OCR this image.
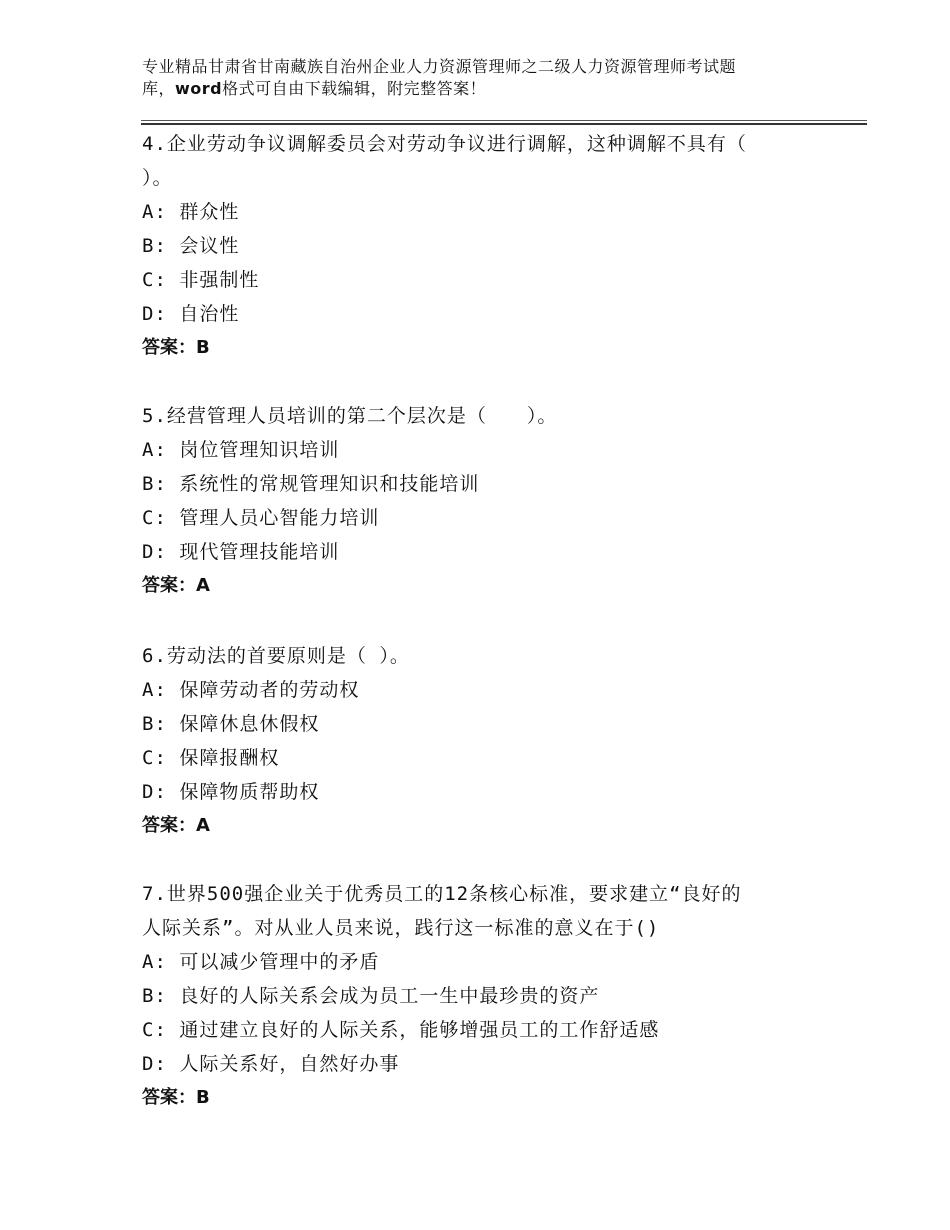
专业精品甘肃省甘南藏族自治州企业人力资源管理师之二级人力资源管理师考试题
库，word格式可自由下载编辑，附完整答案！
4.企业劳动争议调解委员会对劳动争议进行调解，这种调解不具有（
）。
A: 群众性
B: 会议性
C: 非强制性
D: 自治性
答案：B
5.经营管理人员培训的第二个层次是（　　）。
A: 岗位管理知识培训
B: 系统性的常规管理知识和技能培训
C: 管理人员心智能力培训
D: 现代管理技能培训
答案：A
6.劳动法的首要原则是（ ）。
A: 保障劳动者的劳动权
B: 保障休息休假权
C: 保障报酬权
D: 保障物质帮助权
答案：A
7.世界500强企业关于优秀员工的12条核心标准，要求建立“良好的
人际关系”。对从业人员来说，践行这一标准的意义在于()
A: 可以减少管理中的矛盾
B: 良好的人际关系会成为员工一生中最珍贵的资产
C: 通过建立良好的人际关系，能够增强员工的工作舒适感
D: 人际关系好，自然好办事
答案：B
